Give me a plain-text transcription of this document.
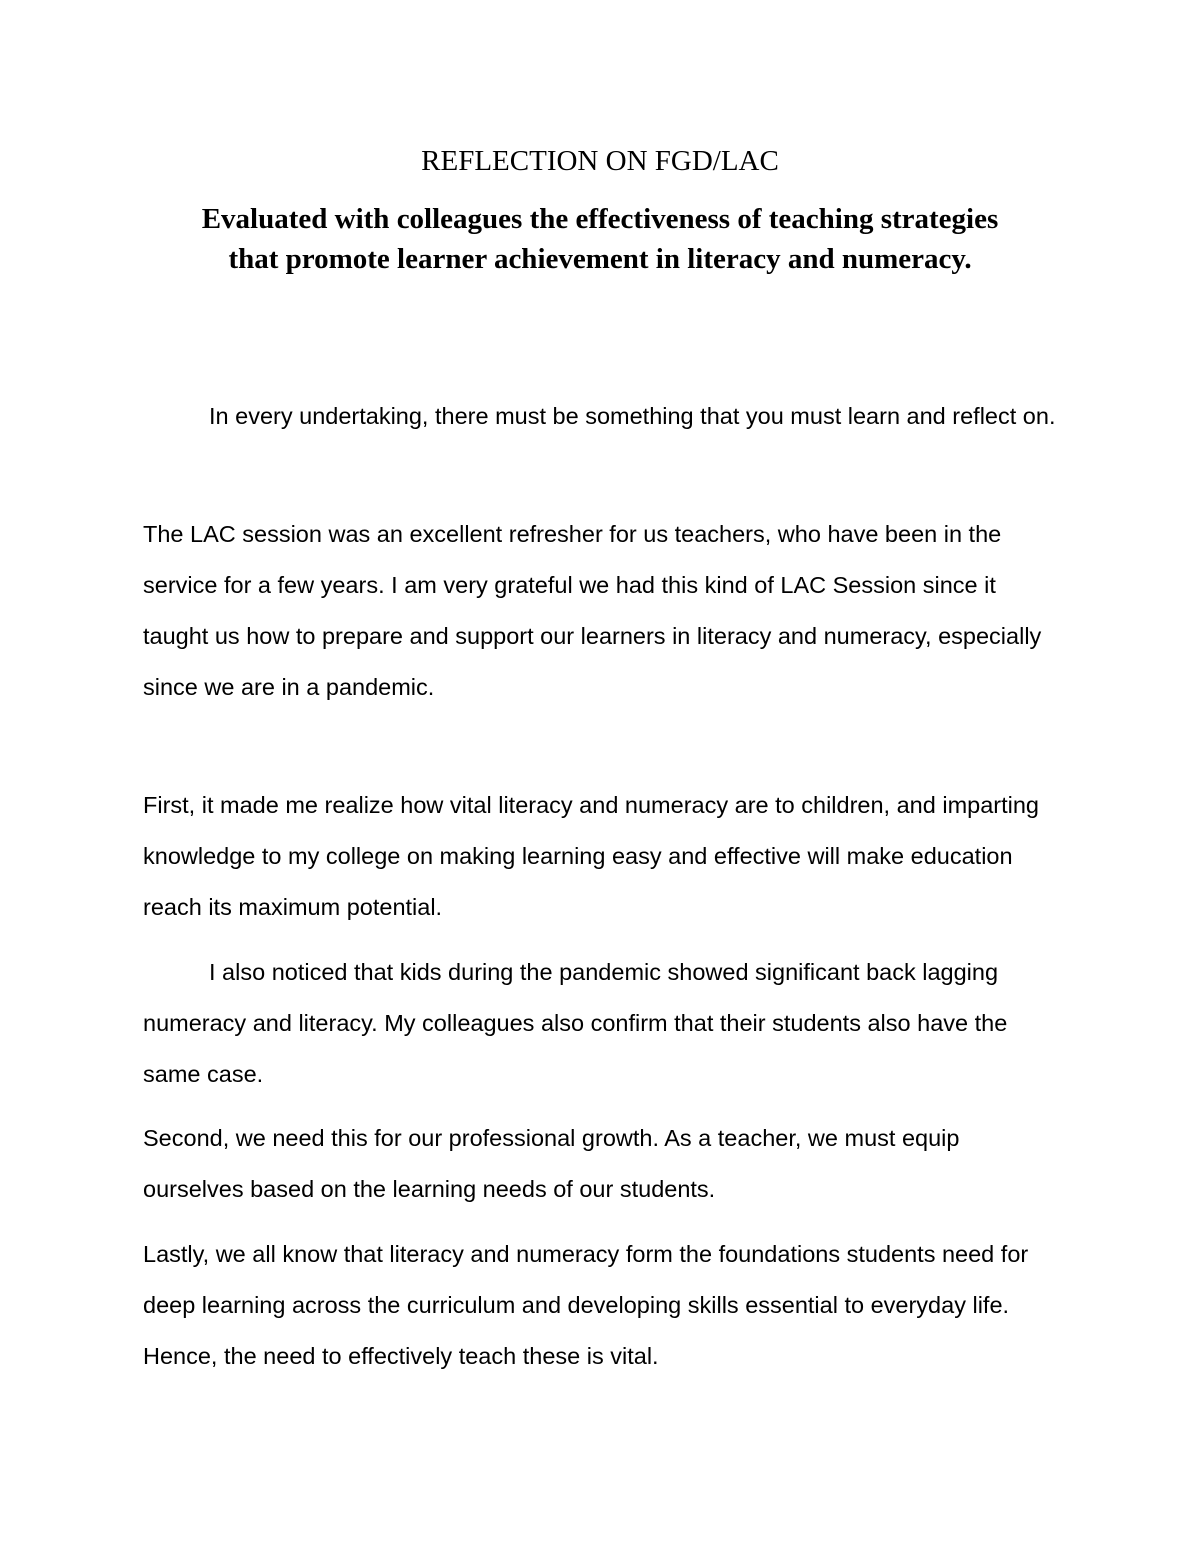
REFLECTION ON FGD/LAC
Evaluated with colleagues the effectiveness of teaching strategies
that promote learner achievement in literacy and numeracy.

In every undertaking, there must be something that you must learn and reflect on.

The LAC session was an excellent refresher for us teachers, who have been in the service for a few years. I am very grateful we had this kind of LAC Session since it taught us how to prepare and support our learners in literacy and numeracy, especially since we are in a pandemic.

First, it made me realize how vital literacy and numeracy are to children, and imparting knowledge to my college on making learning easy and effective will make education reach its maximum potential.

I also noticed that kids during the pandemic showed significant back lagging numeracy and literacy. My colleagues also confirm that their students also have the same case.

Second, we need this for our professional growth. As a teacher, we must equip ourselves based on the learning needs of our students.

Lastly, we all know that literacy and numeracy form the foundations students need for deep learning across the curriculum and developing skills essential to everyday life. Hence, the need to effectively teach these is vital.
